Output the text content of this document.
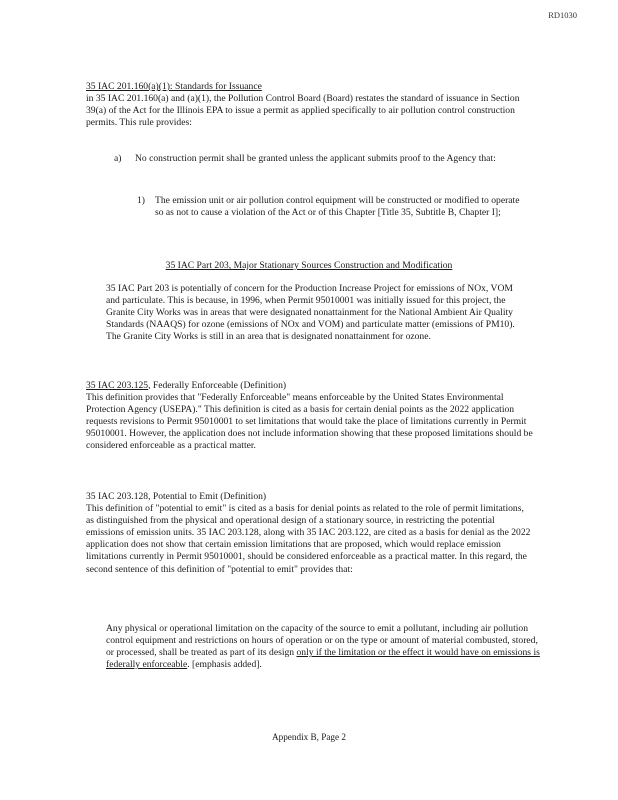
RD1030
35 IAC 201.160(a)(1): Standards for Issuance
in 35 IAC 201.160(a) and (a)(1), the Pollution Control Board (Board) restates the standard of issuance in Section 39(a) of the Act for the Illinois EPA to issue a permit as applied specifically to air pollution control construction permits. This rule provides:
a) No construction permit shall be granted unless the applicant submits proof to the Agency that:
1) The emission unit or air pollution control equipment will be constructed or modified to operate so as not to cause a violation of the Act or of this Chapter [Title 35, Subtitle B, Chapter I];
35 IAC Part 203, Major Stationary Sources Construction and Modification
35 IAC Part 203 is potentially of concern for the Production Increase Project for emissions of NOx, VOM and particulate. This is because, in 1996, when Permit 95010001 was initially issued for this project, the Granite City Works was in areas that were designated nonattainment for the National Ambient Air Quality Standards (NAAQS) for ozone (emissions of NOx and VOM) and particulate matter (emissions of PM10). The Granite City Works is still in an area that is designated nonattainment for ozone.
35 IAC 203.125, Federally Enforceable (Definition)
This definition provides that "Federally Enforceable" means enforceable by the United States Environmental Protection Agency (USEPA)." This definition is cited as a basis for certain denial points as the 2022 application requests revisions to Permit 95010001 to set limitations that would take the place of limitations currently in Permit 95010001. However, the application does not include information showing that these proposed limitations should be considered enforceable as a practical matter.
35 IAC 203.128, Potential to Emit (Definition)
This definition of "potential to emit" is cited as a basis for denial points as related to the role of permit limitations, as distinguished from the physical and operational design of a stationary source, in restricting the potential emissions of emission units. 35 IAC 203.128, along with 35 IAC 203.122, are cited as a basis for denial as the 2022 application does not show that certain emission limitations that are proposed, which would replace emission limitations currently in Permit 95010001, should be considered enforceable as a practical matter. In this regard, the second sentence of this definition of "potential to emit" provides that:
Any physical or operational limitation on the capacity of the source to emit a pollutant, including air pollution control equipment and restrictions on hours of operation or on the type or amount of material combusted, stored, or processed, shall be treated as part of its design only if the limitation or the effect it would have on emissions is federally enforceable. [emphasis added].
Appendix B, Page 2
